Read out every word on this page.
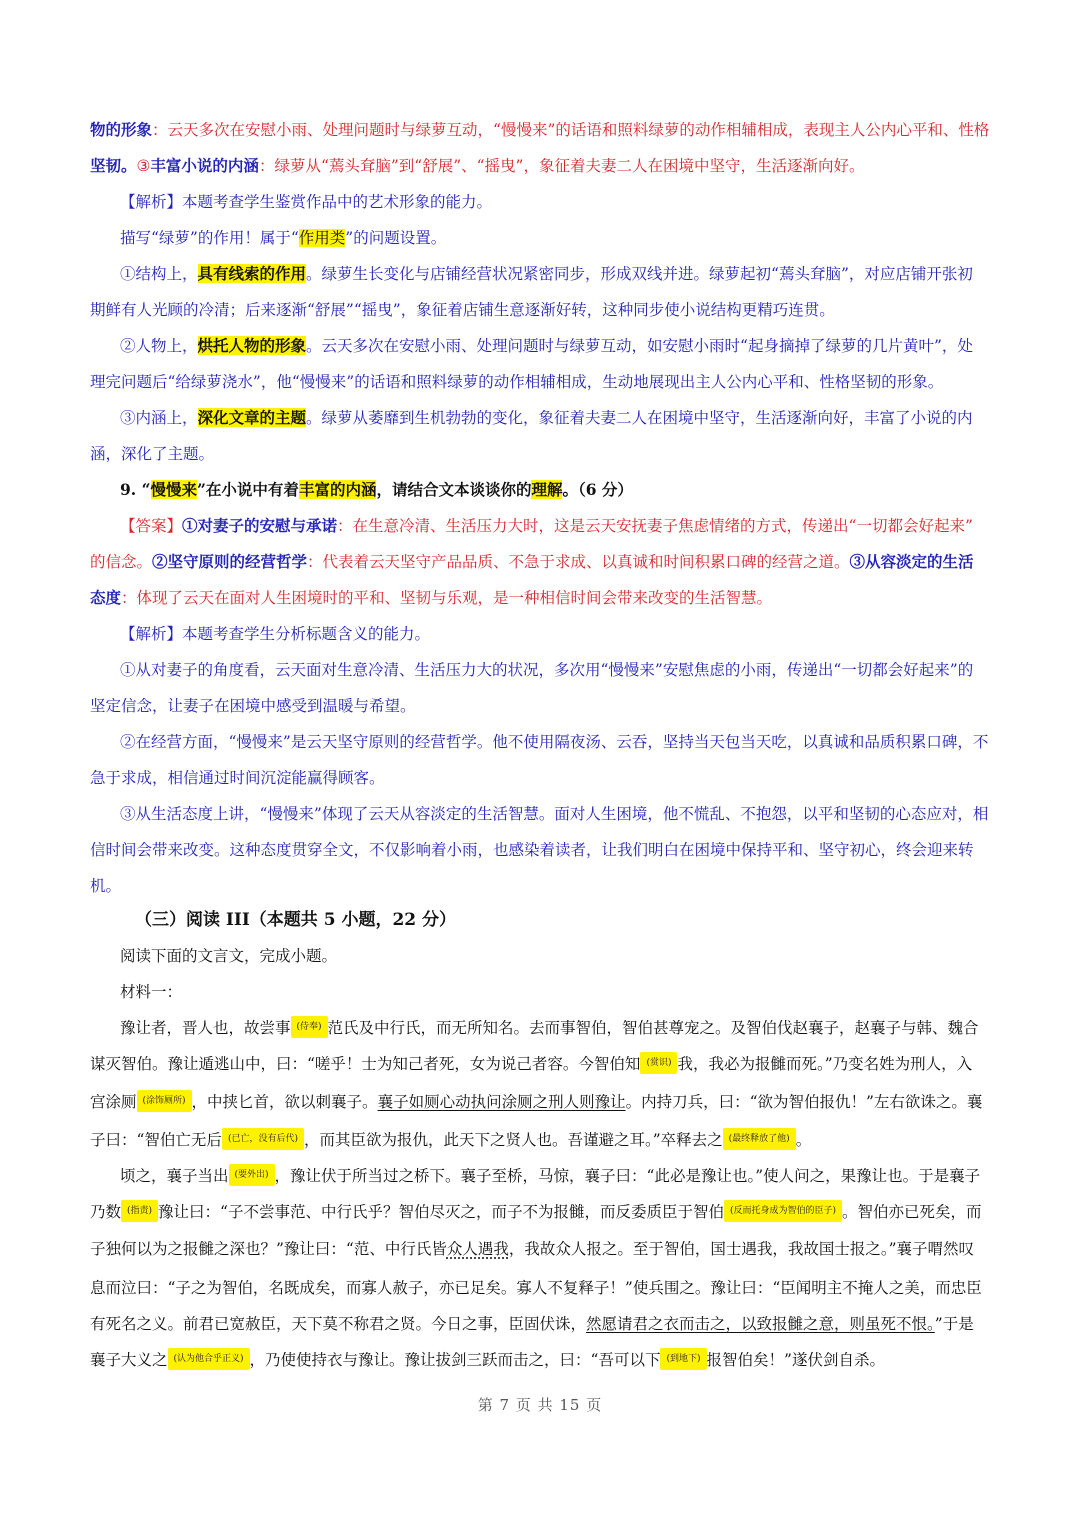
物的形象：云天多次在安慰小雨、处理问题时与绿萝互动，“慢慢来”的话语和照料绿萝的动作相辅相成，表现主人公内心平和、性格
坚韧。③丰富小说的内涵：绿萝从“蔫头耷脑”到“舒展”、“摇曳”，象征着夫妻二人在困境中坚守，生活逐渐向好。
【解析】本题考查学生鉴赏作品中的艺术形象的能力。
描写“绿萝”的作用！属于“作用类”的问题设置。
①结构上，具有线索的作用。绿萝生长变化与店铺经营状况紧密同步，形成双线并进。绿萝起初“蔫头耷脑”，对应店铺开张初
期鲜有人光顾的冷清；后来逐渐“舒展”“摇曳”，象征着店铺生意逐渐好转，这种同步使小说结构更精巧连贯。
②人物上，烘托人物的形象。云天多次在安慰小雨、处理问题时与绿萝互动，如安慰小雨时“起身摘掉了绿萝的几片黄叶”，处
理完问题后“给绿萝浇水”，他“慢慢来”的话语和照料绿萝的动作相辅相成，生动地展现出主人公内心平和、性格坚韧的形象。
③内涵上，深化文章的主题。绿萝从萎靡到生机勃勃的变化，象征着夫妻二人在困境中坚守，生活逐渐向好，丰富了小说的内
涵，深化了主题。
9. “慢慢来”在小说中有着丰富的内涵，请结合文本谈谈你的理解。（6 分）
【答案】①对妻子的安慰与承诺：在生意冷清、生活压力大时，这是云天安抚妻子焦虑情绪的方式，传递出“一切都会好起来”
的信念。②坚守原则的经营哲学：代表着云天坚守产品品质、不急于求成、以真诚和时间积累口碑的经营之道。③从容淡定的生活
态度：体现了云天在面对人生困境时的平和、坚韧与乐观，是一种相信时间会带来改变的生活智慧。
【解析】本题考查学生分析标题含义的能力。
①从对妻子的角度看，云天面对生意冷清、生活压力大的状况，多次用“慢慢来”安慰焦虑的小雨，传递出“一切都会好起来”的
坚定信念，让妻子在困境中感受到温暖与希望。
②在经营方面，“慢慢来”是云天坚守原则的经营哲学。他不使用隔夜汤、云吞，坚持当天包当天吃，以真诚和品质积累口碑，不
急于求成，相信通过时间沉淀能赢得顾客。
③从生活态度上讲，“慢慢来”体现了云天从容淡定的生活智慧。面对人生困境，他不慌乱、不抱怨，以平和坚韧的心态应对，相
信时间会带来改变。这种态度贯穿全文，不仅影响着小雨，也感染着读者，让我们明白在困境中保持平和、坚守初心，终会迎来转
机。
（三）阅读 III（本题共 5 小题，22 分）
阅读下面的文言文，完成小题。
材料一：
豫让者，晋人也，故尝事 (侍奉) 范氏及中行氏，而无所知名。去而事智伯，智伯甚尊宠之。及智伯伐赵襄子，赵襄子与韩、魏合
谋灭智伯。豫让遁逃山中，曰：“嗟乎！士为知己者死，女为说己者容。今智伯知 (赏识) 我，我必为报雠而死。”乃变名姓为刑人，入
宫涂厕 (涂饰厕所) ，中挟匕首，欲以刺襄子。襄子如厕心动执问涂厕之刑人则豫让。内持刀兵，曰：“欲为智伯报仇！”左右欲诛之。襄
子曰：“智伯亡无后 (已亡，没有后代) ，而其臣欲为报仇，此天下之贤人也。吾谨避之耳。”卒释去之 (最终释放了他) 。
顷之，襄子当出 (要外出) ，豫让伏于所当过之桥下。襄子至桥，马惊，襄子曰：“此必是豫让也。”使人问之，果豫让也。于是襄子
乃数 (指责) 豫让曰：“子不尝事范、中行氏乎？智伯尽灭之，而子不为报雠，而反委质臣于智伯 (反而托身成为智伯的臣子) 。智伯亦已死矣，而
子独何以为之报雠之深也？”豫让曰：“范、中行氏皆众人遇我，我故众人报之。至于智伯，国士遇我，我故国士报之。”襄子喟然叹
息而泣曰：“子之为智伯，名既成矣，而寡人赦子，亦已足矣。寡人不复释子！”使兵围之。豫让曰：“臣闻明主不掩人之美，而忠臣
有死名之义。前君已宽赦臣，天下莫不称君之贤。今日之事，臣固伏诛，然愿请君之衣而击之，以致报雠之意，则虽死不恨。”于是
襄子大义之 (认为他合乎正义) ，乃使使持衣与豫让。豫让拔剑三跃而击之，曰：“吾可以下 (到地下) 报智伯矣！”遂伏剑自杀。
第 7 页 共 15 页
